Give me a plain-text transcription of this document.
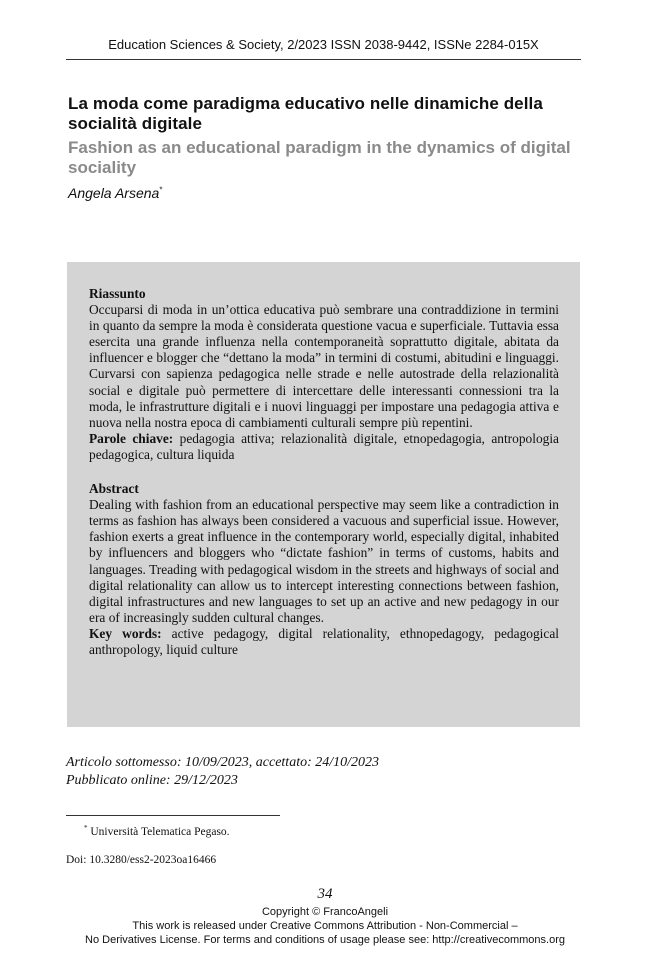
Education Sciences & Society, 2/2023 ISSN 2038-9442, ISSNe 2284-015X
La moda come paradigma educativo nelle dinamiche della socialità digitale
Fashion as an educational paradigm in the dynamics of digital sociality
Angela Arsena*

Riassunto

Occuparsi di moda in un’ottica educativa può sembrare una contraddizione in termini in quanto da sempre la moda è considerata questione vacua e superficiale. Tuttavia essa esercita una grande influenza nella contemporaneità soprattutto digitale, abitata da influencer e blogger che “dettano la moda” in termini di costumi, abitudini e linguaggi. Curvarsi con sapienza pedagogica nelle strade e nelle autostrade della relazionalità social e digitale può permettere di intercettare delle interessanti connessioni tra la moda, le infrastrutture digitali e i nuovi linguaggi per impostare una pedagogia attiva e nuova nella nostra epoca di cambiamenti culturali sempre più repentini.

Parole chiave: pedagogia attiva; relazionalità digitale, etnopedagogia, antropologia pedagogica, cultura liquida

Abstract

Dealing with fashion from an educational perspective may seem like a contradiction in terms as fashion has always been considered a vacuous and superficial issue. However, fashion exerts a great influence in the contemporary world, especially digital, inhabited by influencers and bloggers who “dictate fashion” in terms of customs, habits and languages. Treading with pedagogical wisdom in the streets and highways of social and digital relationality can allow us to intercept interesting connections between fashion, digital infrastructures and new languages to set up an active and new pedagogy in our era of increasingly sudden cultural changes.

Key words: active pedagogy, digital relationality, ethnopedagogy, pedagogical anthropology, liquid culture

Articolo sottomesso: 10/09/2023, accettato: 24/10/2023
Pubblicato online: 29/12/2023
* Università Telematica Pegaso.
Doi: 10.3280/ess2-2023oa16466
34
Copyright © FrancoAngeli
This work is released under Creative Commons Attribution - Non-Commercial –
No Derivatives License. For terms and conditions of usage please see: http://creativecommons.org
